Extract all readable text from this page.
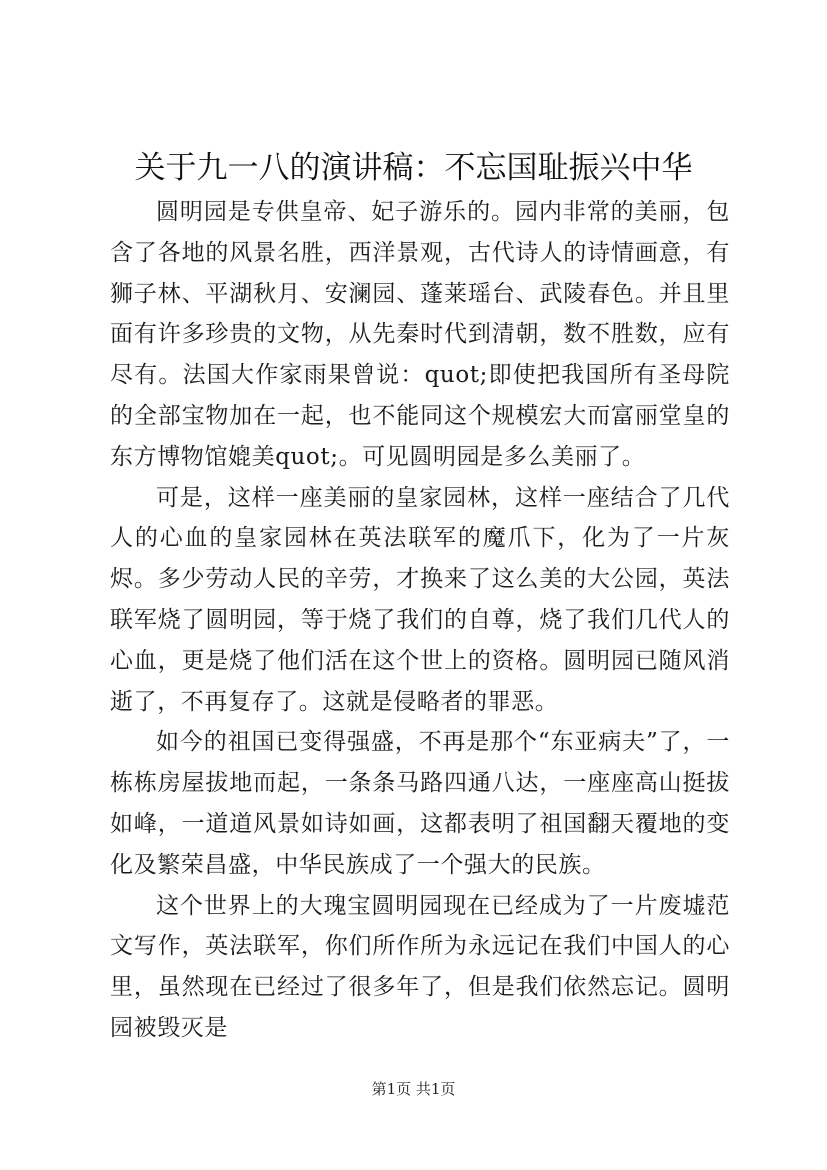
关于九一八的演讲稿：不忘国耻振兴中华

圆明园是专供皇帝、妃子游乐的。园内非常的美丽，包含了各地的风景名胜，西洋景观，古代诗人的诗情画意，有狮子林、平湖秋月、安澜园、蓬莱瑶台、武陵春色。并且里面有许多珍贵的文物，从先秦时代到清朝，数不胜数，应有尽有。法国大作家雨果曾说：quot;即使把我国所有圣母院的全部宝物加在一起，也不能同这个规模宏大而富丽堂皇的东方博物馆媲美quot;。可见圆明园是多么美丽了。

可是，这样一座美丽的皇家园林，这样一座结合了几代人的心血的皇家园林在英法联军的魔爪下，化为了一片灰烬。多少劳动人民的辛劳，才换来了这么美的大公园，英法联军烧了圆明园，等于烧了我们的自尊，烧了我们几代人的心血，更是烧了他们活在这个世上的资格。圆明园已随风消逝了，不再复存了。这就是侵略者的罪恶。

如今的祖国已变得强盛，不再是那个“东亚病夫”了，一栋栋房屋拔地而起，一条条马路四通八达，一座座高山挺拔如峰，一道道风景如诗如画，这都表明了祖国翻天覆地的变化及繁荣昌盛，中华民族成了一个强大的民族。

这个世界上的大瑰宝圆明园现在已经成为了一片废墟范文写作，英法联军，你们所作所为永远记在我们中国人的心里，虽然现在已经过了很多年了，但是我们依然忘记。圆明园被毁灭是

第1页 共1页
